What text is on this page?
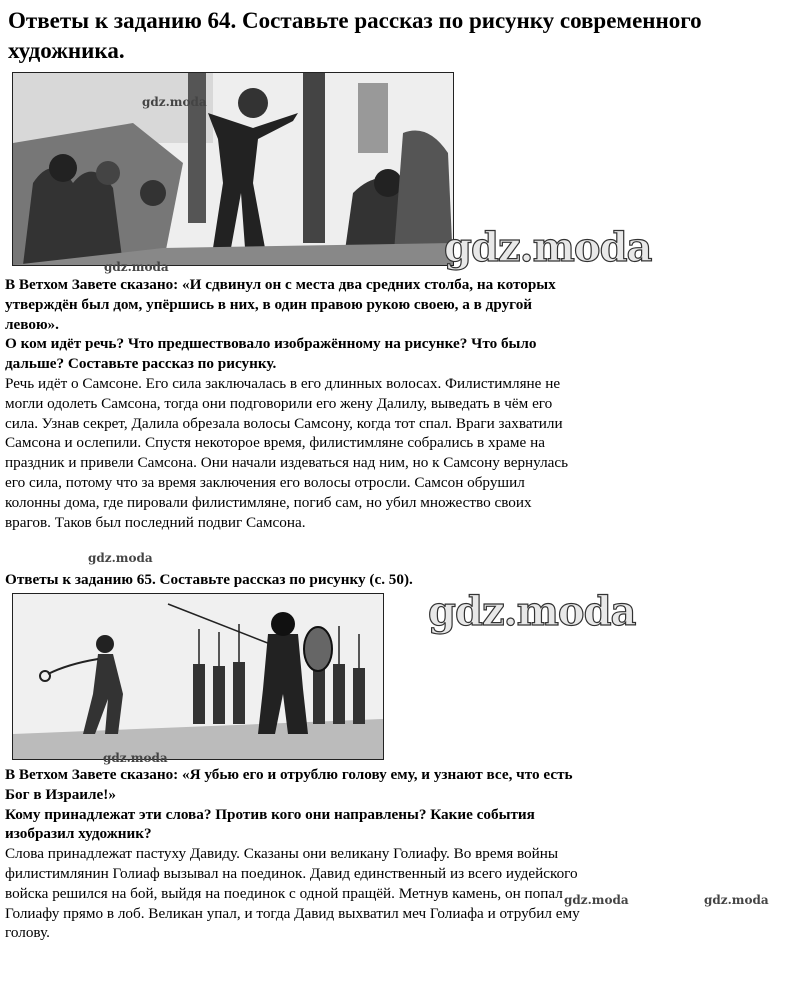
Ответы к заданию 64. Составьте рассказ по рисунку современного художника.
gdz.moda
gdz.moda
gdz.moda
gdz.moda
gdz.moda
gdz.moda
gdz.moda	gdz.moda

В Ветхом Завете сказано: «И сдвинул он с места два средних столба, на которых утверждён был дом, упёршись в них, в один правою рукою своею, а в другой левою».

О ком идёт речь? Что предшествовало изображённому на рисунке? Что было дальше? Составьте рассказ по рисунку.

Речь идёт о Самсоне. Его сила заключалась в его длинных волосах. Филистимляне не могли одолеть Самсона, тогда они подговорили его жену Далилу, выведать в чём его сила. Узнав секрет, Далила обрезала волосы Самсону, когда тот спал. Враги захватили Самсона и ослепили. Спустя некоторое время, филистимляне собрались в храме на праздник и привели Самсона. Они начали издеваться над ним, но к Самсону вернулась его сила, потому что за время заключения его волосы отросли. Самсон обрушил колонны дома, где пировали филистимляне, погиб сам, но убил множество своих врагов. Таков был последний подвиг Самсона.

Ответы к заданию 65. Составьте рассказ по рисунку (с. 50).

В Ветхом Завете сказано: «Я убью его и отрублю голову ему, и узнают все, что есть Бог в Израиле!»

Кому принадлежат эти слова? Против кого они направлены? Какие события изобразил художник?

Слова принадлежат пастуху Давиду. Сказаны они великану Голиафу. Во время войны филистимлянин Голиаф вызывал на поединок. Давид единственный из всего иудейского войска решился на бой, выйдя на поединок с одной пращёй. Метнув камень, он попал Голиафу прямо в лоб. Великан упал, и тогда Давид выхватил меч Голиафа и отрубил ему голову.
